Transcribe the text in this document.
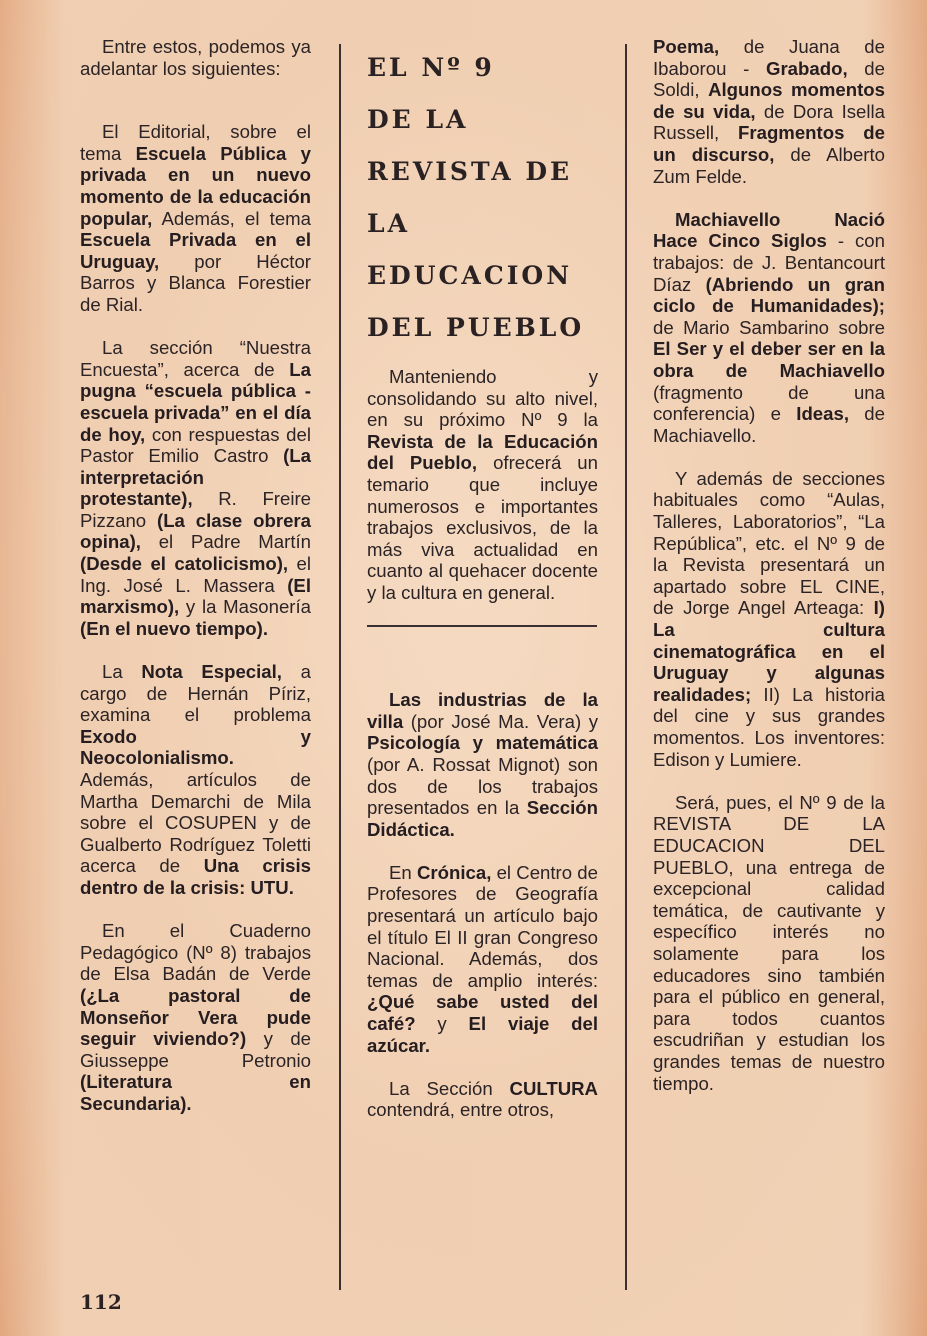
Entre estos, podemos ya adelantar los siguientes:

El Editorial, sobre el tema Escuela Pública y privada en un nuevo momento de la educación popular, Además, el tema Escuela Privada en el Uruguay, por Héctor Barros y Blanca Forestier de Rial.

La sección “Nuestra Encuesta”, acerca de La pugna “escuela pública - escuela privada” en el día de hoy, con respuestas del Pastor Emilio Castro (La interpretación protestante), R. Freire Pizzano (La clase obrera opina), el Padre Martín (Desde el catolicismo), el Ing. José L. Massera (El marxismo), y la Masonería (En el nuevo tiempo).

La Nota Especial, a cargo de Hernán Píriz, examina el problema Exodo y Neocolonialismo. Además, artículos de Martha Demarchi de Mila sobre el COSUPEN y de Gualberto Rodríguez Toletti acerca de Una crisis dentro de la crisis: UTU.

En el Cuaderno Pedagógico (Nº 8) trabajos de Elsa Badán de Verde (¿La pastoral de Monseñor Vera pude seguir viviendo?) y de Giusseppe Petronio (Literatura en Secundaria).

EL Nº 9
DE LA
REVISTA DE
LA EDUCACION
DEL PUEBLO

Manteniendo y consolidando su alto nivel, en su próximo Nº 9 la Revista de la Educación del Pueblo, ofrecerá un temario que incluye numerosos e importantes trabajos exclusivos, de la más viva actualidad en cuanto al quehacer docente y la cultura en general.

Las industrias de la villa (por José Ma. Vera) y Psicología y matemática (por A. Rossat Mignot) son dos de los trabajos presentados en la Sección Didáctica.

En Crónica, el Centro de Profesores de Geografía presentará un artículo bajo el título El II gran Congreso Nacional. Además, dos temas de amplio interés: ¿Qué sabe usted del café? y El viaje del azúcar.

La Sección CULTURA contendrá, entre otros,

Poema, de Juana de Ibaborou - Grabado, de Soldi, Algunos momentos de su vida, de Dora Isella Russell, Fragmentos de un discurso, de Alberto Zum Felde.

Machiavello Nació Hace Cinco Siglos - con trabajos: de J. Bentancourt Díaz (Abriendo un gran ciclo de Humanidades); de Mario Sambarino sobre El Ser y el deber ser en la obra de Machiavello (fragmento de una conferencia) e Ideas, de Machiavello.

Y además de secciones habituales como “Aulas, Talleres, Laboratorios”, “La República”, etc. el Nº 9 de la Revista presentará un apartado sobre EL CINE, de Jorge Angel Arteaga: I) La cultura cinematográfica en el Uruguay y algunas realidades; II) La historia del cine y sus grandes momentos. Los inventores: Edison y Lumiere.

Será, pues, el Nº 9 de la REVISTA DE LA EDUCACION DEL PUEBLO, una entrega de excepcional calidad temática, de cautivante y específico interés no solamente para los educadores sino también para el público en general, para todos cuantos escudriñan y estudian los grandes temas de nuestro tiempo.

112
